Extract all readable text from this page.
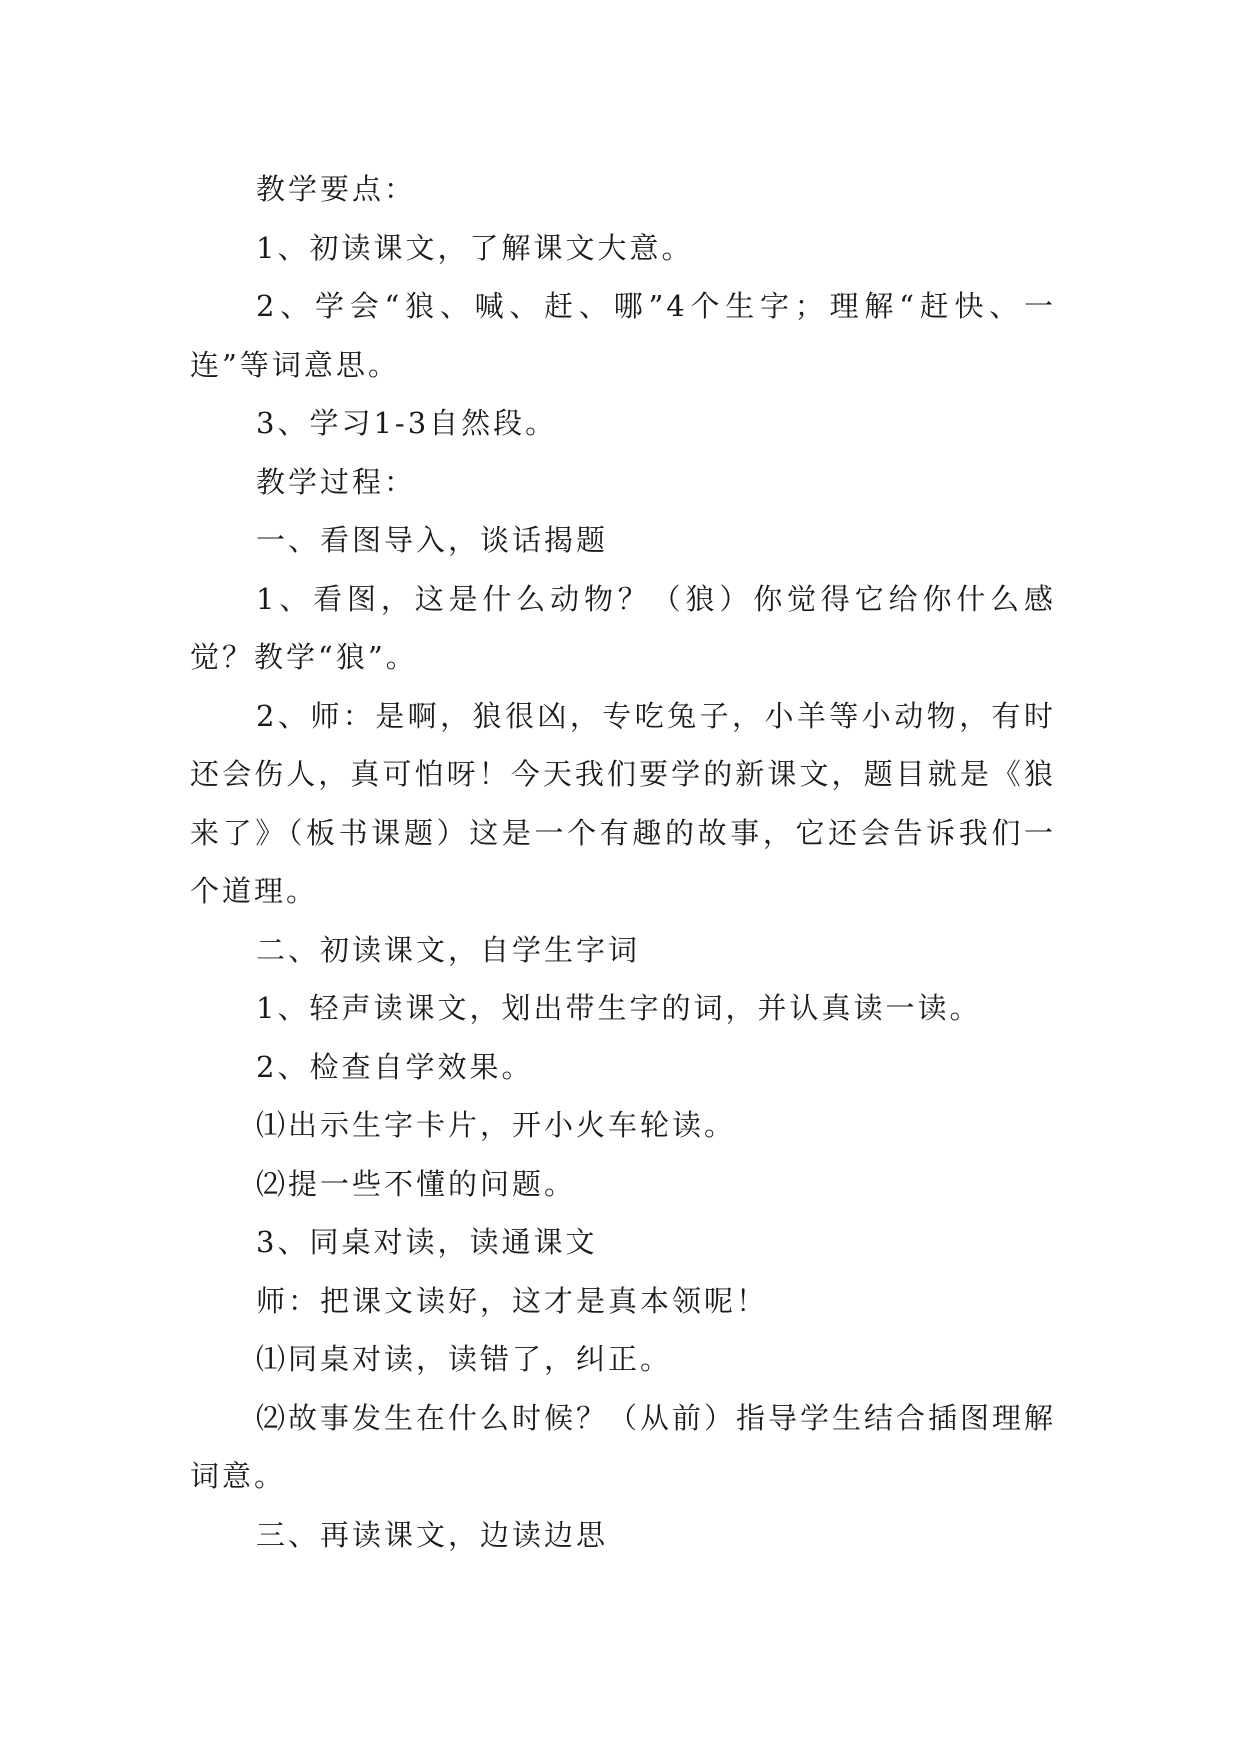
教学要点：

1、初读课文，了解课文大意。

2、学会“狼、喊、赶、哪”4个生字；理解“赶快、一连”等词意思。

3、学习1-3自然段。

教学过程：

一、看图导入，谈话揭题

1、看图，这是什么动物？（狼）你觉得它给你什么感觉？教学“狼”。

2、师：是啊，狼很凶，专吃兔子，小羊等小动物，有时还会伤人，真可怕呀！今天我们要学的新课文，题目就是《狼来了》（板书课题）这是一个有趣的故事，它还会告诉我们一个道理。

二、初读课文，自学生字词

1、轻声读课文，划出带生字的词，并认真读一读。

2、检查自学效果。

⑴出示生字卡片，开小火车轮读。

⑵提一些不懂的问题。

3、同桌对读，读通课文

师：把课文读好，这才是真本领呢！

⑴同桌对读，读错了，纠正。

⑵故事发生在什么时候？（从前）指导学生结合插图理解词意。

三、再读课文，边读边思
